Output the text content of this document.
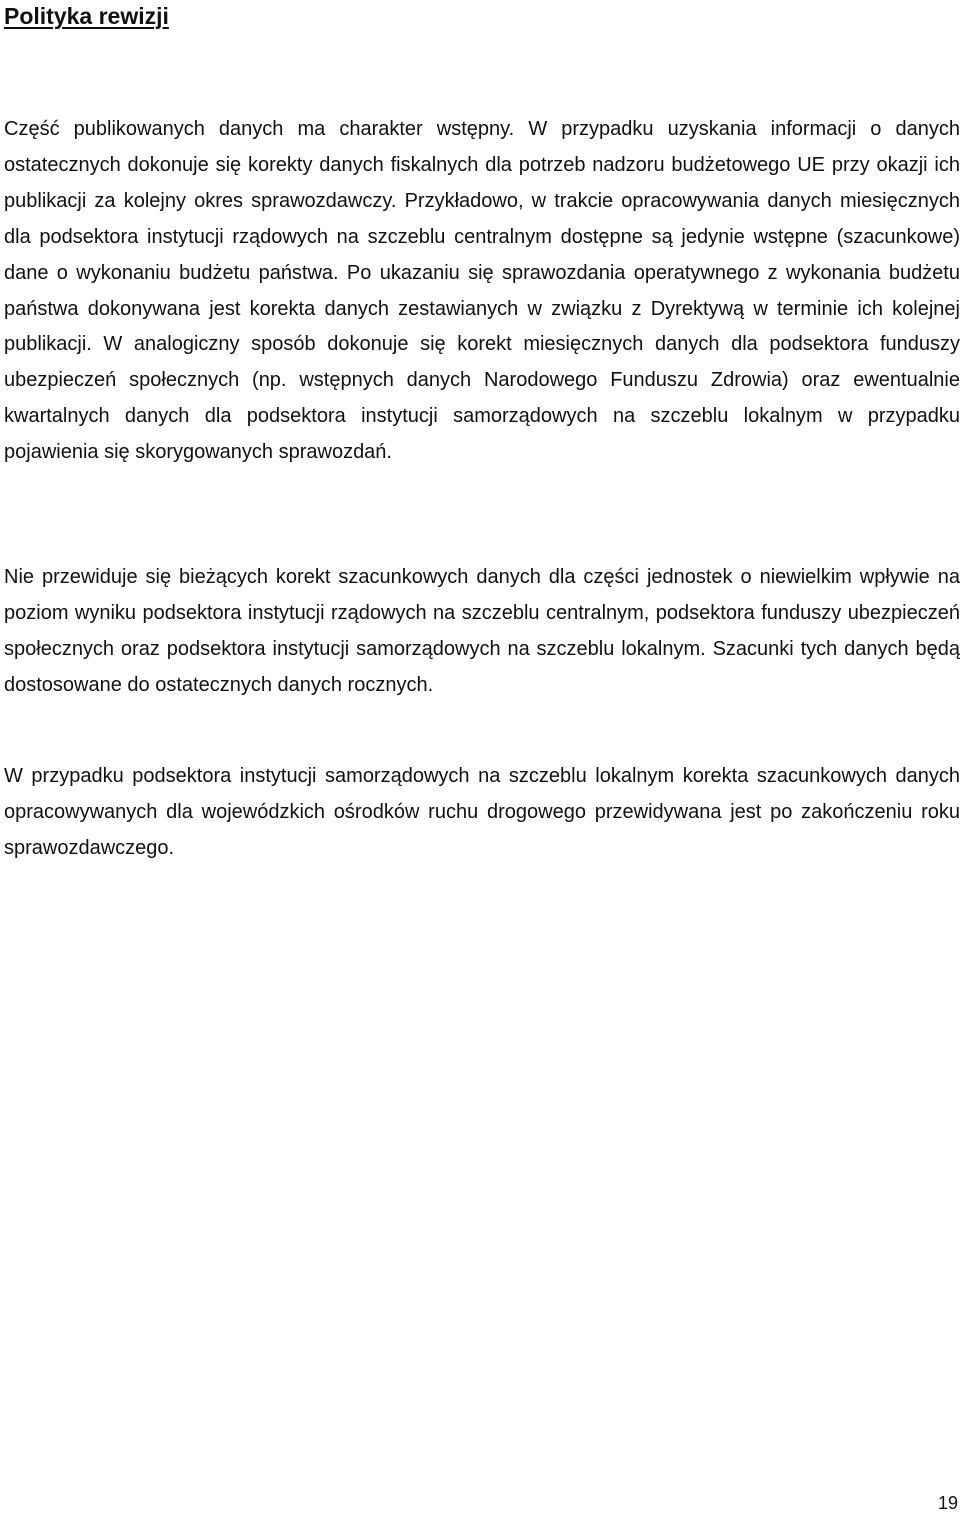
Polityka rewizji

Część publikowanych danych ma charakter wstępny. W przypadku uzyskania informacji o danych ostatecznych dokonuje się korekty danych fiskalnych dla potrzeb nadzoru budżetowego UE przy okazji ich publikacji za kolejny okres sprawozdawczy. Przykładowo, w trakcie opracowywania danych miesięcznych dla podsektora instytucji rządowych na szczeblu centralnym dostępne są jedynie wstępne (szacunkowe) dane o wykonaniu budżetu państwa. Po ukazaniu się sprawozdania operatywnego z wykonania budżetu państwa dokonywana jest korekta danych zestawianych w związku z Dyrektywą w terminie ich kolejnej publikacji. W analogiczny sposób dokonuje się korekt miesięcznych danych dla podsektora funduszy ubezpieczeń społecznych (np. wstępnych danych Narodowego Funduszu Zdrowia) oraz ewentualnie kwartalnych danych dla podsektora instytucji samorządowych na szczeblu lokalnym w przypadku pojawienia się skorygowanych sprawozdań.

Nie przewiduje się bieżących korekt szacunkowych danych dla części jednostek o niewielkim wpływie na poziom wyniku podsektora instytucji rządowych na szczeblu centralnym, podsektora funduszy ubezpieczeń społecznych oraz podsektora instytucji samorządowych na szczeblu lokalnym. Szacunki tych danych będą dostosowane do ostatecznych danych rocznych.

W przypadku podsektora instytucji samorządowych na szczeblu lokalnym korekta szacunkowych danych opracowywanych dla wojewódzkich ośrodków ruchu drogowego przewidywana jest po zakończeniu roku sprawozdawczego.

19
